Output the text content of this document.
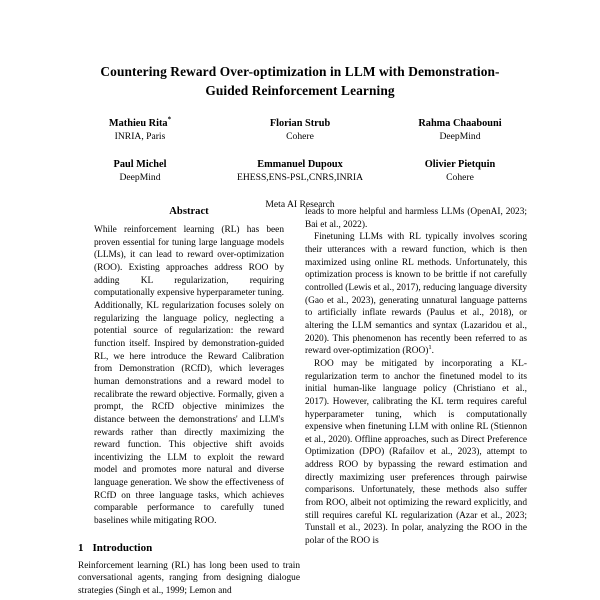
Countering Reward Over-optimization in LLM with Demonstration-Guided Reinforcement Learning
Mathieu Rita*
INRIA, Paris
Florian Strub
Cohere
Rahma Chaabouni
DeepMind
Paul Michel
DeepMind
Emmanuel Dupoux
EHESS,ENS-PSL,CNRS,INRIA
Olivier Pietquin
Cohere
Meta AI Research
Abstract

While reinforcement learning (RL) has been proven essential for tuning large language models (LLMs), it can lead to reward over-optimization (ROO). Existing approaches address ROO by adding KL regularization, requiring computationally expensive hyperparameter tuning. Additionally, KL regularization focuses solely on regularizing the language policy, neglecting a potential source of regularization: the reward function itself. Inspired by demonstration-guided RL, we here introduce the Reward Calibration from Demonstration (RCfD), which leverages human demonstrations and a reward model to recalibrate the reward objective. Formally, given a prompt, the RCfD objective minimizes the distance between the demonstrations' and LLM's rewards rather than directly maximizing the reward function. This objective shift avoids incentivizing the LLM to exploit the reward model and promotes more natural and diverse language generation. We show the effectiveness of RCfD on three language tasks, which achieves comparable performance to carefully tuned baselines while mitigating ROO.

1 Introduction

Reinforcement learning (RL) has long been used to train conversational agents, ranging from designing dialogue strategies (Singh et al., 1999; Lemon and

leads to more helpful and harmless LLMs (OpenAI, 2023; Bai et al., 2022).

Finetuning LLMs with RL typically involves scoring their utterances with a reward function, which is then maximized using online RL methods. Unfortunately, this optimization process is known to be brittle if not carefully controlled (Lewis et al., 2017), reducing language diversity (Gao et al., 2023), generating unnatural language patterns to artificially inflate rewards (Paulus et al., 2018), or altering the LLM semantics and syntax (Lazaridou et al., 2020). This phenomenon has recently been referred to as reward over-optimization (ROO)$^1$.

ROO may be mitigated by incorporating a KL-regularization term to anchor the finetuned model to its initial human-like language policy (Christiano et al., 2017). However, calibrating the KL term requires careful hyperparameter tuning, which is computationally expensive when finetuning LLM with online RL (Stiennon et al., 2020). Offline approaches, such as Direct Preference Optimization (DPO) (Rafailov et al., 2023), attempt to address ROO by bypassing the reward estimation and directly maximizing user preferences through pairwise comparisons. Unfortunately, these methods also suffer from ROO, albeit not optimizing the reward explicitly, and still requires careful KL regularization (Azar et al., 2023; Tunstall et al., 2023). In polar, analyzing the ROO in the polar of the ROO is
